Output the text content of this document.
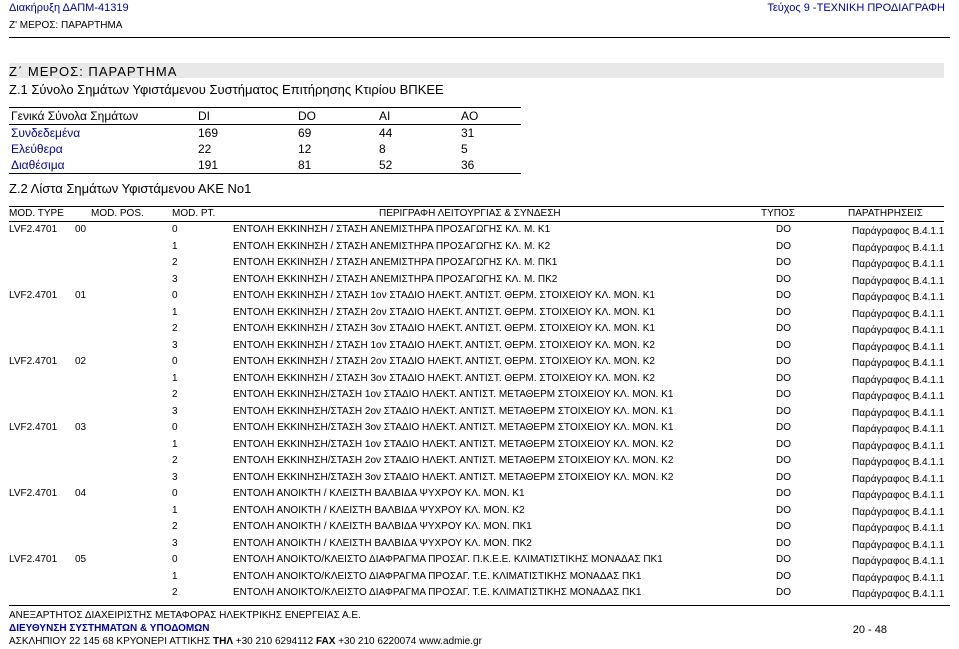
Διακήρυξη ΔΑΠΜ-41319	Τεύχος 9 -ΤΕΧΝΙΚΗ ΠΡΟΔΙΑΓΡΑΦΗ
Ζ' ΜΕΡΟΣ: ΠΑΡΑΡΤΗΜΑ
Ζ΄ ΜΕΡΟΣ: ΠΑΡΑΡΤΗΜΑ
Ζ.1 Σύνολο Σημάτων Υφιστάμενου Συστήματος Επιτήρησης Κτιρίου ΒΠΚΕΕ
Γενικά Σύνολα Σημάτων	DI	DO	AI	AO
Συνδεδεμένα	169	69	44	31
Ελεύθερα	22	12	8	5
Διαθέσιμα	191	81	52	36
Ζ.2 Λίστα Σημάτων Υφιστάμενου ΑΚΕ Νο1
MOD. TYPE	MOD. POS.	MOD. PT.	ΠΕΡΙΓΡΑΦΗ ΛΕΙΤΟΥΡΓΙΑΣ & ΣΥΝΔΕΣΗ	ΤΥΠΟΣ	ΠΑΡΑΤΗΡΗΣΕΙΣ
LVF2.4701 00	0	ΕΝΤΟΛΗ ΕΚΚΙΝΗΣΗ / ΣΤΑΣΗ ΑΝΕΜΙΣΤΗΡΑ ΠΡΟΣΑΓΩΓΗΣ ΚΛ. Μ. Κ1	DO	Παράγραφος Β.4.1.1
1	ΕΝΤΟΛΗ ΕΚΚΙΝΗΣΗ / ΣΤΑΣΗ ΑΝΕΜΙΣΤΗΡΑ ΠΡΟΣΑΓΩΓΗΣ ΚΛ. Μ. Κ2	DO	Παράγραφος Β.4.1.1
2	ΕΝΤΟΛΗ ΕΚΚΙΝΗΣΗ / ΣΤΑΣΗ ΑΝΕΜΙΣΤΗΡΑ ΠΡΟΣΑΓΩΓΗΣ ΚΛ. Μ. ΠΚ1	DO	Παράγραφος Β.4.1.1
3	ΕΝΤΟΛΗ ΕΚΚΙΝΗΣΗ / ΣΤΑΣΗ ΑΝΕΜΙΣΤΗΡΑ ΠΡΟΣΑΓΩΓΗΣ ΚΛ. Μ. ΠΚ2	DO	Παράγραφος Β.4.1.1
LVF2.4701 01	0	ΕΝΤΟΛΗ ΕΚΚΙΝΗΣΗ / ΣΤΑΣΗ 1ον ΣΤΑΔΙΟ ΗΛΕΚΤ. ΑΝΤΙΣΤ. ΘΕΡΜ. ΣΤΟΙΧΕΙΟΥ ΚΛ. ΜΟΝ. Κ1	DO	Παράγραφος Β.4.1.1
1	ΕΝΤΟΛΗ ΕΚΚΙΝΗΣΗ / ΣΤΑΣΗ 2ον ΣΤΑΔΙΟ ΗΛΕΚΤ. ΑΝΤΙΣΤ. ΘΕΡΜ. ΣΤΟΙΧΕΙΟΥ ΚΛ. ΜΟΝ. Κ1	DO	Παράγραφος Β.4.1.1
2	ΕΝΤΟΛΗ ΕΚΚΙΝΗΣΗ / ΣΤΑΣΗ 3ον ΣΤΑΔΙΟ ΗΛΕΚΤ. ΑΝΤΙΣΤ. ΘΕΡΜ. ΣΤΟΙΧΕΙΟΥ ΚΛ. ΜΟΝ. Κ1	DO	Παράγραφος Β.4.1.1
3	ΕΝΤΟΛΗ ΕΚΚΙΝΗΣΗ / ΣΤΑΣΗ 1ον ΣΤΑΔΙΟ ΗΛΕΚΤ. ΑΝΤΙΣΤ. ΘΕΡΜ. ΣΤΟΙΧΕΙΟΥ ΚΛ. ΜΟΝ. Κ2	DO	Παράγραφος Β.4.1.1
LVF2.4701 02	0	ΕΝΤΟΛΗ ΕΚΚΙΝΗΣΗ / ΣΤΑΣΗ 2ον ΣΤΑΔΙΟ ΗΛΕΚΤ. ΑΝΤΙΣΤ. ΘΕΡΜ. ΣΤΟΙΧΕΙΟΥ ΚΛ. ΜΟΝ. Κ2	DO	Παράγραφος Β.4.1.1
1	ΕΝΤΟΛΗ ΕΚΚΙΝΗΣΗ / ΣΤΑΣΗ 3ον ΣΤΑΔΙΟ ΗΛΕΚΤ. ΑΝΤΙΣΤ. ΘΕΡΜ. ΣΤΟΙΧΕΙΟΥ ΚΛ. ΜΟΝ. Κ2	DO	Παράγραφος Β.4.1.1
2	ΕΝΤΟΛΗ ΕΚΚΙΝΗΣΗ/ΣΤΑΣΗ 1ον ΣΤΑΔΙΟ ΗΛΕΚΤ. ΑΝΤΙΣΤ. ΜΕΤΑΘΕΡΜ ΣΤΟΙΧΕΙΟΥ ΚΛ. ΜΟΝ. Κ1	DO	Παράγραφος Β.4.1.1
3	ΕΝΤΟΛΗ ΕΚΚΙΝΗΣΗ/ΣΤΑΣΗ 2ον ΣΤΑΔΙΟ ΗΛΕΚΤ. ΑΝΤΙΣΤ. ΜΕΤΑΘΕΡΜ ΣΤΟΙΧΕΙΟΥ ΚΛ. ΜΟΝ. Κ1	DO	Παράγραφος Β.4.1.1
LVF2.4701 03	0	ΕΝΤΟΛΗ ΕΚΚΙΝΗΣΗ/ΣΤΑΣΗ 3ον ΣΤΑΔΙΟ ΗΛΕΚΤ. ΑΝΤΙΣΤ. ΜΕΤΑΘΕΡΜ ΣΤΟΙΧΕΙΟΥ ΚΛ. ΜΟΝ. Κ1	DO	Παράγραφος Β.4.1.1
1	ΕΝΤΟΛΗ ΕΚΚΙΝΗΣΗ/ΣΤΑΣΗ 1ον ΣΤΑΔΙΟ ΗΛΕΚΤ. ΑΝΤΙΣΤ. ΜΕΤΑΘΕΡΜ ΣΤΟΙΧΕΙΟΥ ΚΛ. ΜΟΝ. Κ2	DO	Παράγραφος Β.4.1.1
2	ΕΝΤΟΛΗ ΕΚΚΙΝΗΣΗ/ΣΤΑΣΗ 2ον ΣΤΑΔΙΟ ΗΛΕΚΤ. ΑΝΤΙΣΤ. ΜΕΤΑΘΕΡΜ ΣΤΟΙΧΕΙΟΥ ΚΛ. ΜΟΝ. Κ2	DO	Παράγραφος Β.4.1.1
3	ΕΝΤΟΛΗ ΕΚΚΙΝΗΣΗ/ΣΤΑΣΗ 3ον ΣΤΑΔΙΟ ΗΛΕΚΤ. ΑΝΤΙΣΤ. ΜΕΤΑΘΕΡΜ ΣΤΟΙΧΕΙΟΥ ΚΛ. ΜΟΝ. Κ2	DO	Παράγραφος Β.4.1.1
LVF2.4701 04	0	ΕΝΤΟΛΗ ΑΝΟΙΚΤΗ / ΚΛΕΙΣΤΗ ΒΑΛΒΙΔΑ ΨΥΧΡΟΥ ΚΛ. ΜΟΝ. Κ1	DO	Παράγραφος Β.4.1.1
1	ΕΝΤΟΛΗ ΑΝΟΙΚΤΗ / ΚΛΕΙΣΤΗ ΒΑΛΒΙΔΑ ΨΥΧΡΟΥ ΚΛ. ΜΟΝ. Κ2	DO	Παράγραφος Β.4.1.1
2	ΕΝΤΟΛΗ ΑΝΟΙΚΤΗ / ΚΛΕΙΣΤΗ ΒΑΛΒΙΔΑ ΨΥΧΡΟΥ ΚΛ. ΜΟΝ. ΠΚ1	DO	Παράγραφος Β.4.1.1
3	ΕΝΤΟΛΗ ΑΝΟΙΚΤΗ / ΚΛΕΙΣΤΗ ΒΑΛΒΙΔΑ ΨΥΧΡΟΥ ΚΛ. ΜΟΝ. ΠΚ2	DO	Παράγραφος Β.4.1.1
LVF2.4701 05	0	ΕΝΤΟΛΗ ΑΝΟΙΚΤΟ/ΚΛΕΙΣΤΟ ΔΙΑΦΡΑΓΜΑ ΠΡΟΣΑΓ. Π.Κ.Ε.Ε. ΚΛΙΜΑΤΙΣΤΙΚΗΣ ΜΟΝΑΔΑΣ ΠΚ1	DO	Παράγραφος Β.4.1.1
1	ΕΝΤΟΛΗ ΑΝΟΙΚΤΟ/ΚΛΕΙΣΤΟ ΔΙΑΦΡΑΓΜΑ ΠΡΟΣΑΓ. Τ.Ε. ΚΛΙΜΑΤΙΣΤΙΚΗΣ ΜΟΝΑΔΑΣ ΠΚ1	DO	Παράγραφος Β.4.1.1
2	ΕΝΤΟΛΗ ΑΝΟΙΚΤΟ/ΚΛΕΙΣΤΟ ΔΙΑΦΡΑΓΜΑ ΠΡΟΣΑΓ. Τ.Ε. ΚΛΙΜΑΤΙΣΤΙΚΗΣ ΜΟΝΑΔΑΣ ΠΚ1	DO	Παράγραφος Β.4.1.1
ΑΝΕΞΑΡΤΗΤΟΣ ΔΙΑΧΕΙΡΙΣΤΗΣ ΜΕΤΑΦΟΡΑΣ ΗΛΕΚΤΡΙΚΗΣ ΕΝΕΡΓΕΙΑΣ Α.Ε.
ΔΙΕΥΘΥΝΣΗ ΣΥΣΤΗΜΑΤΩΝ & ΥΠΟΔΟΜΩΝ
ΑΣΚΛΗΠΙΟΥ 22 145 68 ΚΡΥΟΝΕΡΙ ΑΤΤΙΚΗΣ ΤΗΛ +30 210 6294112 FAX +30 210 6220074 www.admie.gr
20 - 48
